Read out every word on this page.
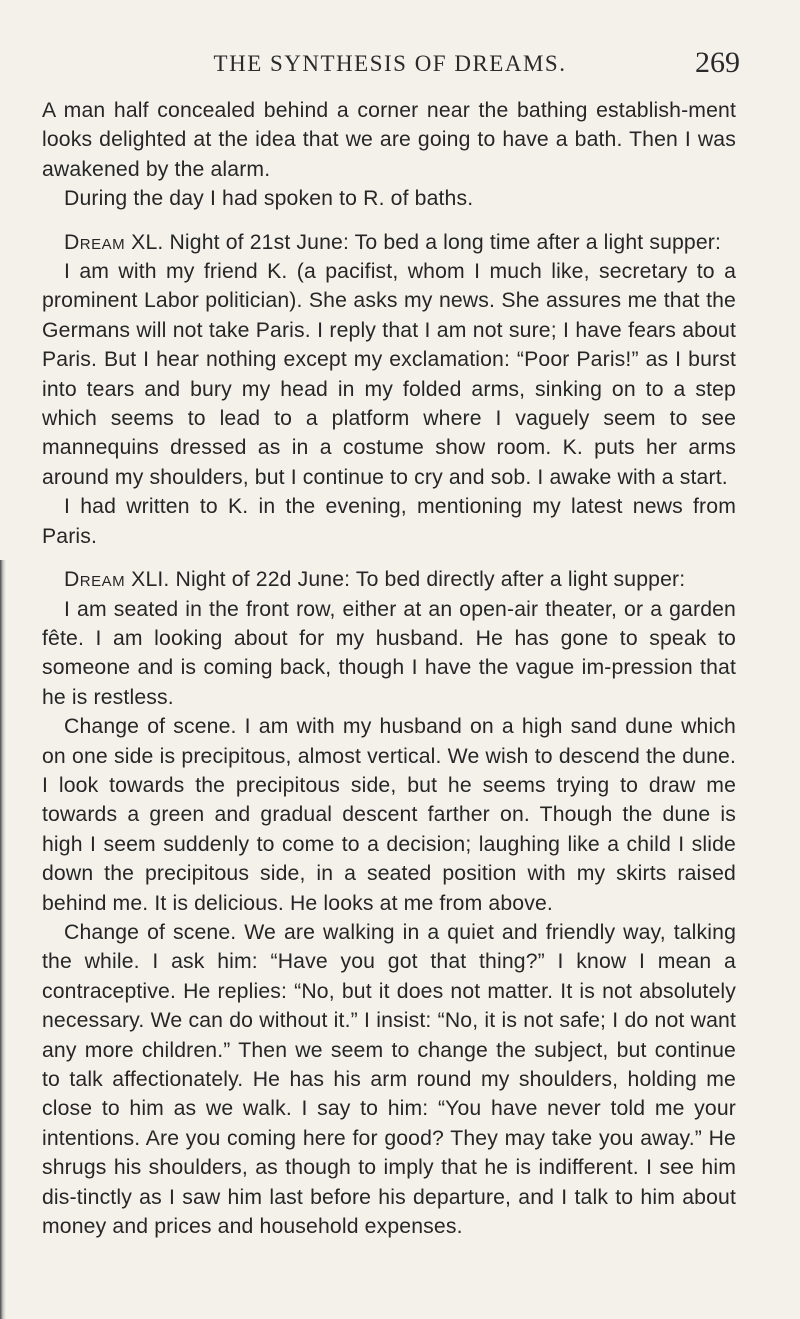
THE SYNTHESIS OF DREAMS.	269

A man half concealed behind a corner near the bathing establish-ment looks delighted at the idea that we are going to have a bath. Then I was awakened by the alarm.

During the day I had spoken to R. of baths.

Dream XL. Night of 21st June: To bed a long time after a light supper:

I am with my friend K. (a pacifist, whom I much like, secretary to a prominent Labor politician). She asks my news. She assures me that the Germans will not take Paris. I reply that I am not sure; I have fears about Paris. But I hear nothing except my exclamation: “Poor Paris!” as I burst into tears and bury my head in my folded arms, sinking on to a step which seems to lead to a platform where I vaguely seem to see mannequins dressed as in a costume show room. K. puts her arms around my shoulders, but I continue to cry and sob. I awake with a start.

I had written to K. in the evening, mentioning my latest news from Paris.

Dream XLI. Night of 22d June: To bed directly after a light supper:

I am seated in the front row, either at an open-air theater, or a garden fête. I am looking about for my husband. He has gone to speak to someone and is coming back, though I have the vague im-pression that he is restless.

Change of scene. I am with my husband on a high sand dune which on one side is precipitous, almost vertical. We wish to descend the dune. I look towards the precipitous side, but he seems trying to draw me towards a green and gradual descent farther on. Though the dune is high I seem suddenly to come to a decision; laughing like a child I slide down the precipitous side, in a seated position with my skirts raised behind me. It is delicious. He looks at me from above.

Change of scene. We are walking in a quiet and friendly way, talking the while. I ask him: “Have you got that thing?” I know I mean a contraceptive. He replies: “No, but it does not matter. It is not absolutely necessary. We can do without it.” I insist: “No, it is not safe; I do not want any more children.” Then we seem to change the subject, but continue to talk affectionately. He has his arm round my shoulders, holding me close to him as we walk. I say to him: “You have never told me your intentions. Are you coming here for good? They may take you away.” He shrugs his shoulders, as though to imply that he is indifferent. I see him dis-tinctly as I saw him last before his departure, and I talk to him about money and prices and household expenses.
